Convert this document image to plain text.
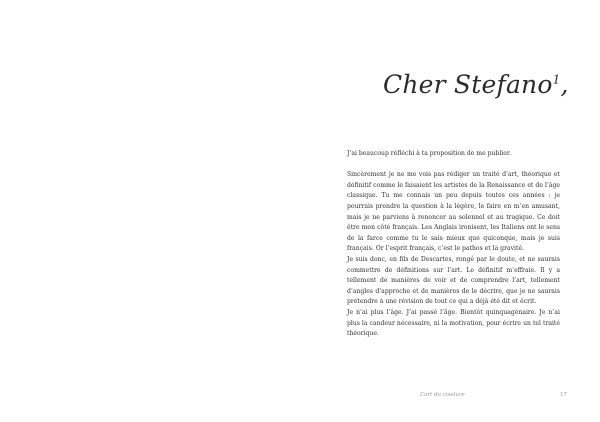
Cher Stefano$^1$,

J’ai beaucoup réfléchi à ta proposition de me publier.

Sincèrement je ne me vois pas rédiger un traité d’art, théorique et définitif comme le faisaient les artistes de la Renaissance et de l’âge classique. Tu me connais un peu depuis toutes ces années : je pourrais prendre la question à la légère, le faire en m’en amusant, mais je ne parviens à renoncer au solennel et au tragique. Ce doit être mon côté français. Les Anglais ironisent, les Italiens ont le sens de la farce comme tu le sais mieux que quiconque, mais je suis français. Or l’esprit français, c’est le pathos et la gravité.

Je suis donc, en fils de Descartes, rongé par le doute, et ne saurais commettre de définitions sur l’art. Le définitif m’effraie. Il y a tellement de manières de voir et de comprendre l’art, tellement d’angles d’approche et de manières de le décrire, que je ne saurais prétendre à une révision de tout ce qui a déjà été dit et écrit.

Je n’ai plus l’âge. J’ai passé l’âge. Bientôt quinquagénaire. Je n’ai plus la candeur nécessaire, ni la motivation, pour écrire un tel traité théorique.

L’art du ciselure	17
